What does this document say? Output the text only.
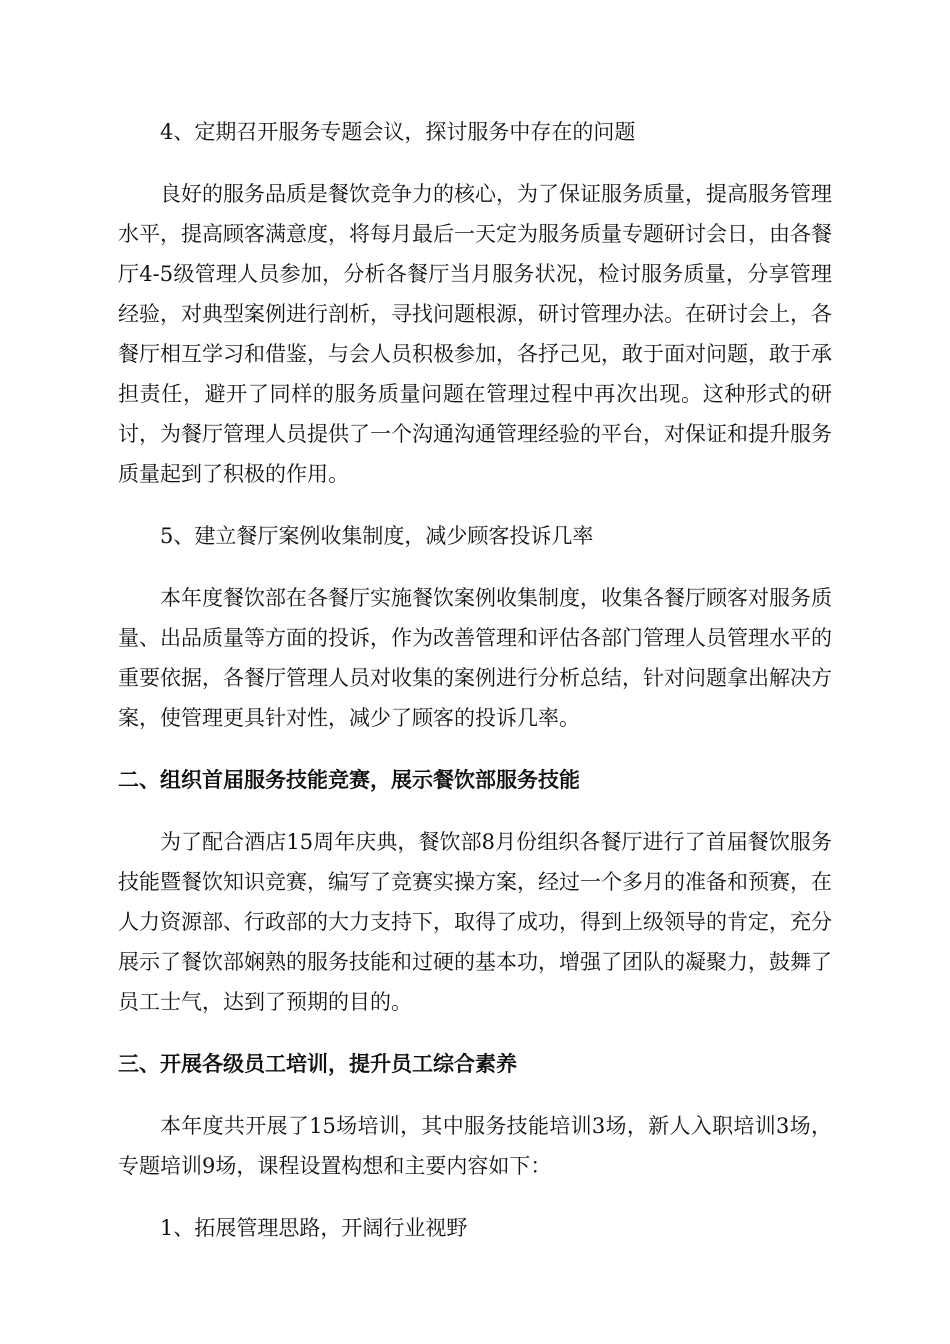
4、定期召开服务专题会议，探讨服务中存在的问题

良好的服务品质是餐饮竞争力的核心，为了保证服务质量，提高服务管理水平，提高顾客满意度，将每月最后一天定为服务质量专题研讨会日，由各餐厅4-5级管理人员参加，分析各餐厅当月服务状况，检讨服务质量，分享管理经验，对典型案例进行剖析，寻找问题根源，研讨管理办法。在研讨会上，各餐厅相互学习和借鉴，与会人员积极参加，各抒己见，敢于面对问题，敢于承担责任，避开了同样的服务质量问题在管理过程中再次出现。这种形式的研讨，为餐厅管理人员提供了一个沟通沟通管理经验的平台，对保证和提升服务质量起到了积极的作用。

5、建立餐厅案例收集制度，减少顾客投诉几率

本年度餐饮部在各餐厅实施餐饮案例收集制度，收集各餐厅顾客对服务质量、出品质量等方面的投诉，作为改善管理和评估各部门管理人员管理水平的重要依据，各餐厅管理人员对收集的案例进行分析总结，针对问题拿出解决方案，使管理更具针对性，减少了顾客的投诉几率。

二、组织首届服务技能竞赛，展示餐饮部服务技能

为了配合酒店15周年庆典，餐饮部8月份组织各餐厅进行了首届餐饮服务技能暨餐饮知识竞赛，编写了竞赛实操方案，经过一个多月的准备和预赛，在人力资源部、行政部的大力支持下，取得了成功，得到上级领导的肯定，充分展示了餐饮部娴熟的服务技能和过硬的基本功，增强了团队的凝聚力，鼓舞了员工士气，达到了预期的目的。

三、开展各级员工培训，提升员工综合素养

本年度共开展了15场培训，其中服务技能培训3场，新人入职培训3场，专题培训9场，课程设置构想和主要内容如下：

1、拓展管理思路，开阔行业视野
